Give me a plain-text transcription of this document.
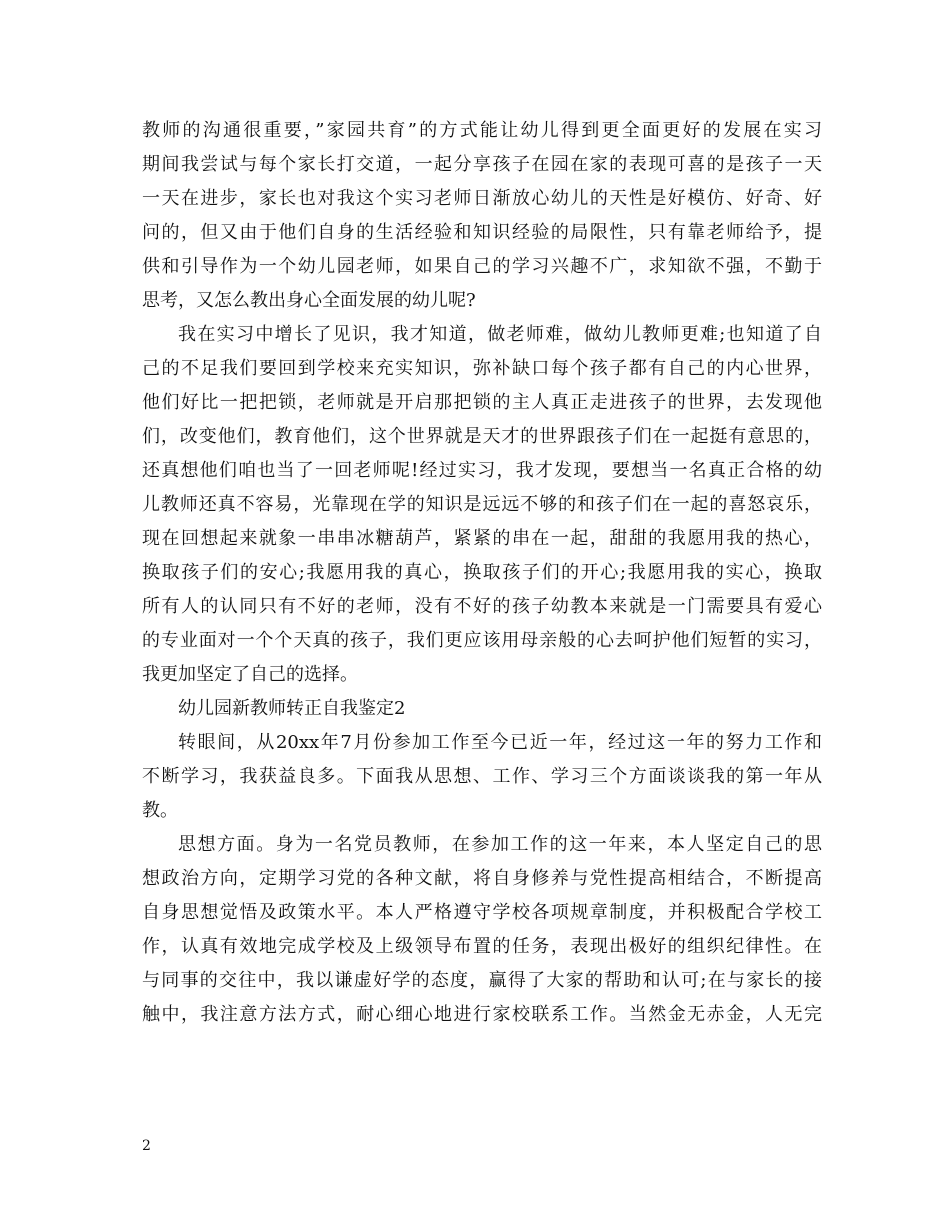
教师的沟通很重要，”家园共育”的方式能让幼儿得到更全面更好的发展在实习
期间我尝试与每个家长打交道，一起分享孩子在园在家的表现可喜的是孩子一天
一天在进步，家长也对我这个实习老师日渐放心幼儿的天性是好模仿、好奇、好
问的，但又由于他们自身的生活经验和知识经验的局限性，只有靠老师给予，提
供和引导作为一个幼儿园老师，如果自己的学习兴趣不广，求知欲不强，不勤于
思考，又怎么教出身心全面发展的幼儿呢?

我在实习中增长了见识，我才知道，做老师难，做幼儿教师更难;也知道了自
己的不足我们要回到学校来充实知识，弥补缺口每个孩子都有自己的内心世界，
他们好比一把把锁，老师就是开启那把锁的主人真正走进孩子的世界，去发现他
们，改变他们，教育他们，这个世界就是天才的世界跟孩子们在一起挺有意思的，
还真想他们咱也当了一回老师呢!经过实习，我才发现，要想当一名真正合格的幼
儿教师还真不容易，光靠现在学的知识是远远不够的和孩子们在一起的喜怒哀乐，
现在回想起来就象一串串冰糖葫芦，紧紧的串在一起，甜甜的我愿用我的热心，
换取孩子们的安心;我愿用我的真心，换取孩子们的开心;我愿用我的实心，换取
所有人的认同只有不好的老师，没有不好的孩子幼教本来就是一门需要具有爱心
的专业面对一个个天真的孩子，我们更应该用母亲般的心去呵护他们短暂的实习，
我更加坚定了自己的选择。

幼儿园新教师转正自我鉴定2

转眼间，从20xx年7月份参加工作至今已近一年，经过这一年的努力工作和
不断学习，我获益良多。下面我从思想、工作、学习三个方面谈谈我的第一年从
教。

思想方面。身为一名党员教师，在参加工作的这一年来，本人坚定自己的思
想政治方向，定期学习党的各种文献，将自身修养与党性提高相结合，不断提高
自身思想觉悟及政策水平。本人严格遵守学校各项规章制度，并积极配合学校工
作，认真有效地完成学校及上级领导布置的任务，表现出极好的组织纪律性。在
与同事的交往中，我以谦虚好学的态度，赢得了大家的帮助和认可;在与家长的接
触中，我注意方法方式，耐心细心地进行家校联系工作。当然金无赤金，人无完

2
